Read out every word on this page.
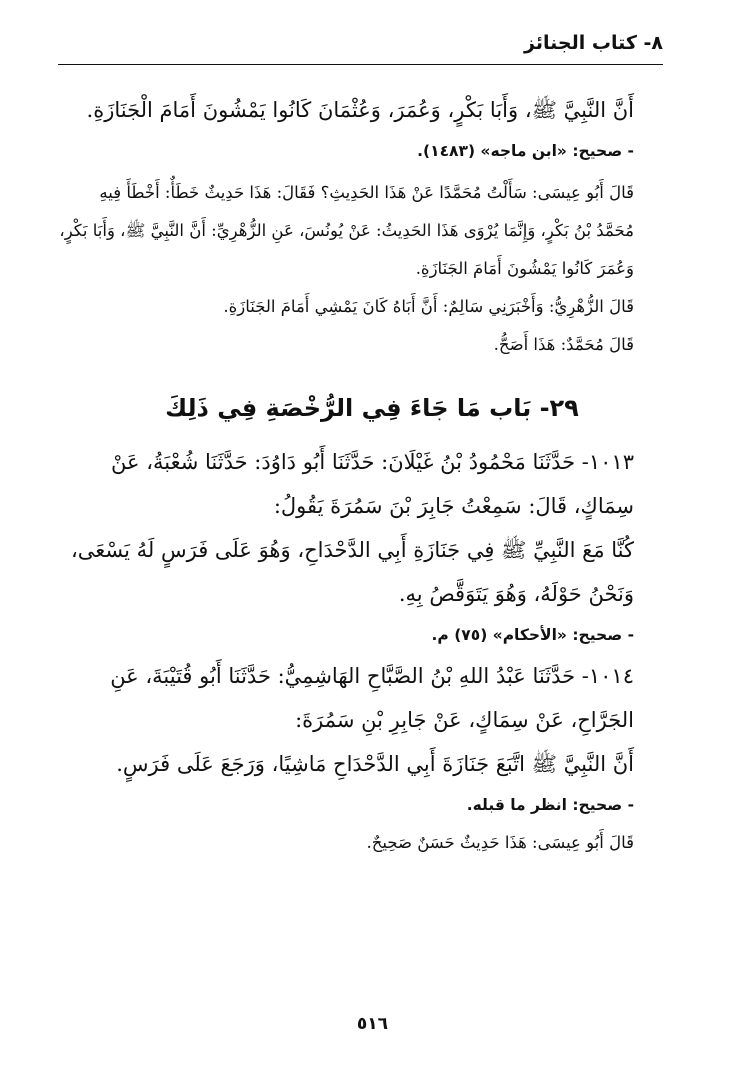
٨- كتاب الجنائز

أَنَّ النَّبِيَّ ﷺ، وَأَبَا بَكْرٍ، وَعُمَرَ، وَعُثْمَانَ كَانُوا يَمْشُونَ أَمَامَ الْجَنَازَةِ.

- صحيح: «ابن ماجه» (١٤٨٣).

قَالَ أَبُو عِيسَى: سَأَلْتُ مُحَمَّدًا عَنْ هَذَا الحَدِيثِ؟ فَقَالَ: هَذَا حَدِيثٌ خَطَأٌ: أَخْطَأَ فِيهِ مُحَمَّدُ بْنُ بَكْرٍ، وَإِنَّمَا يُرْوَى هَذَا الحَدِيثُ: عَنْ يُونُسَ، عَنِ الزُّهْرِيِّ: أَنَّ النَّبِيَّ ﷺ، وَأَبَا بَكْرٍ، وَعُمَرَ كَانُوا يَمْشُونَ أَمَامَ الجَنَازَةِ.

قَالَ الزُّهْرِيُّ: وَأَخْبَرَنِي سَالِمٌ: أَنَّ أَبَاهُ كَانَ يَمْشِي أَمَامَ الجَنَازَةِ.

قَالَ مُحَمَّدٌ: هَذَا أَصَحُّ.

٢٩- بَاب مَا جَاءَ فِي الرُّخْصَةِ فِي ذَلِكَ

١٠١٣- حَدَّثَنَا مَحْمُودُ بْنُ غَيْلَانَ: حَدَّثَنَا أَبُو دَاوُدَ: حَدَّثَنَا شُعْبَةُ، عَنْ سِمَاكٍ، قَالَ: سَمِعْتُ جَابِرَ بْنَ سَمُرَةَ يَقُولُ:

كُنَّا مَعَ النَّبِيِّ ﷺ فِي جَنَازَةِ أَبِي الدَّحْدَاحِ، وَهُوَ عَلَى فَرَسٍ لَهُ يَسْعَى، وَنَحْنُ حَوْلَهُ، وَهُوَ يَتَوَقَّصُ بِهِ.

- صحيح: «الأحكام» (٧٥) م.

١٠١٤- حَدَّثَنَا عَبْدُ اللهِ بْنُ الصَّبَّاحِ الهَاشِمِيُّ: حَدَّثَنَا أَبُو قُتَيْبَةَ، عَنِ الجَرَّاحِ، عَنْ سِمَاكٍ، عَنْ جَابِرِ بْنِ سَمُرَةَ:

أَنَّ النَّبِيَّ ﷺ اتَّبَعَ جَنَازَةَ أَبِي الدَّحْدَاحِ مَاشِيًا، وَرَجَعَ عَلَى فَرَسٍ.

- صحيح: انظر ما قبله.

قَالَ أَبُو عِيسَى: هَذَا حَدِيثٌ حَسَنٌ صَحِيحٌ.

٥١٦
